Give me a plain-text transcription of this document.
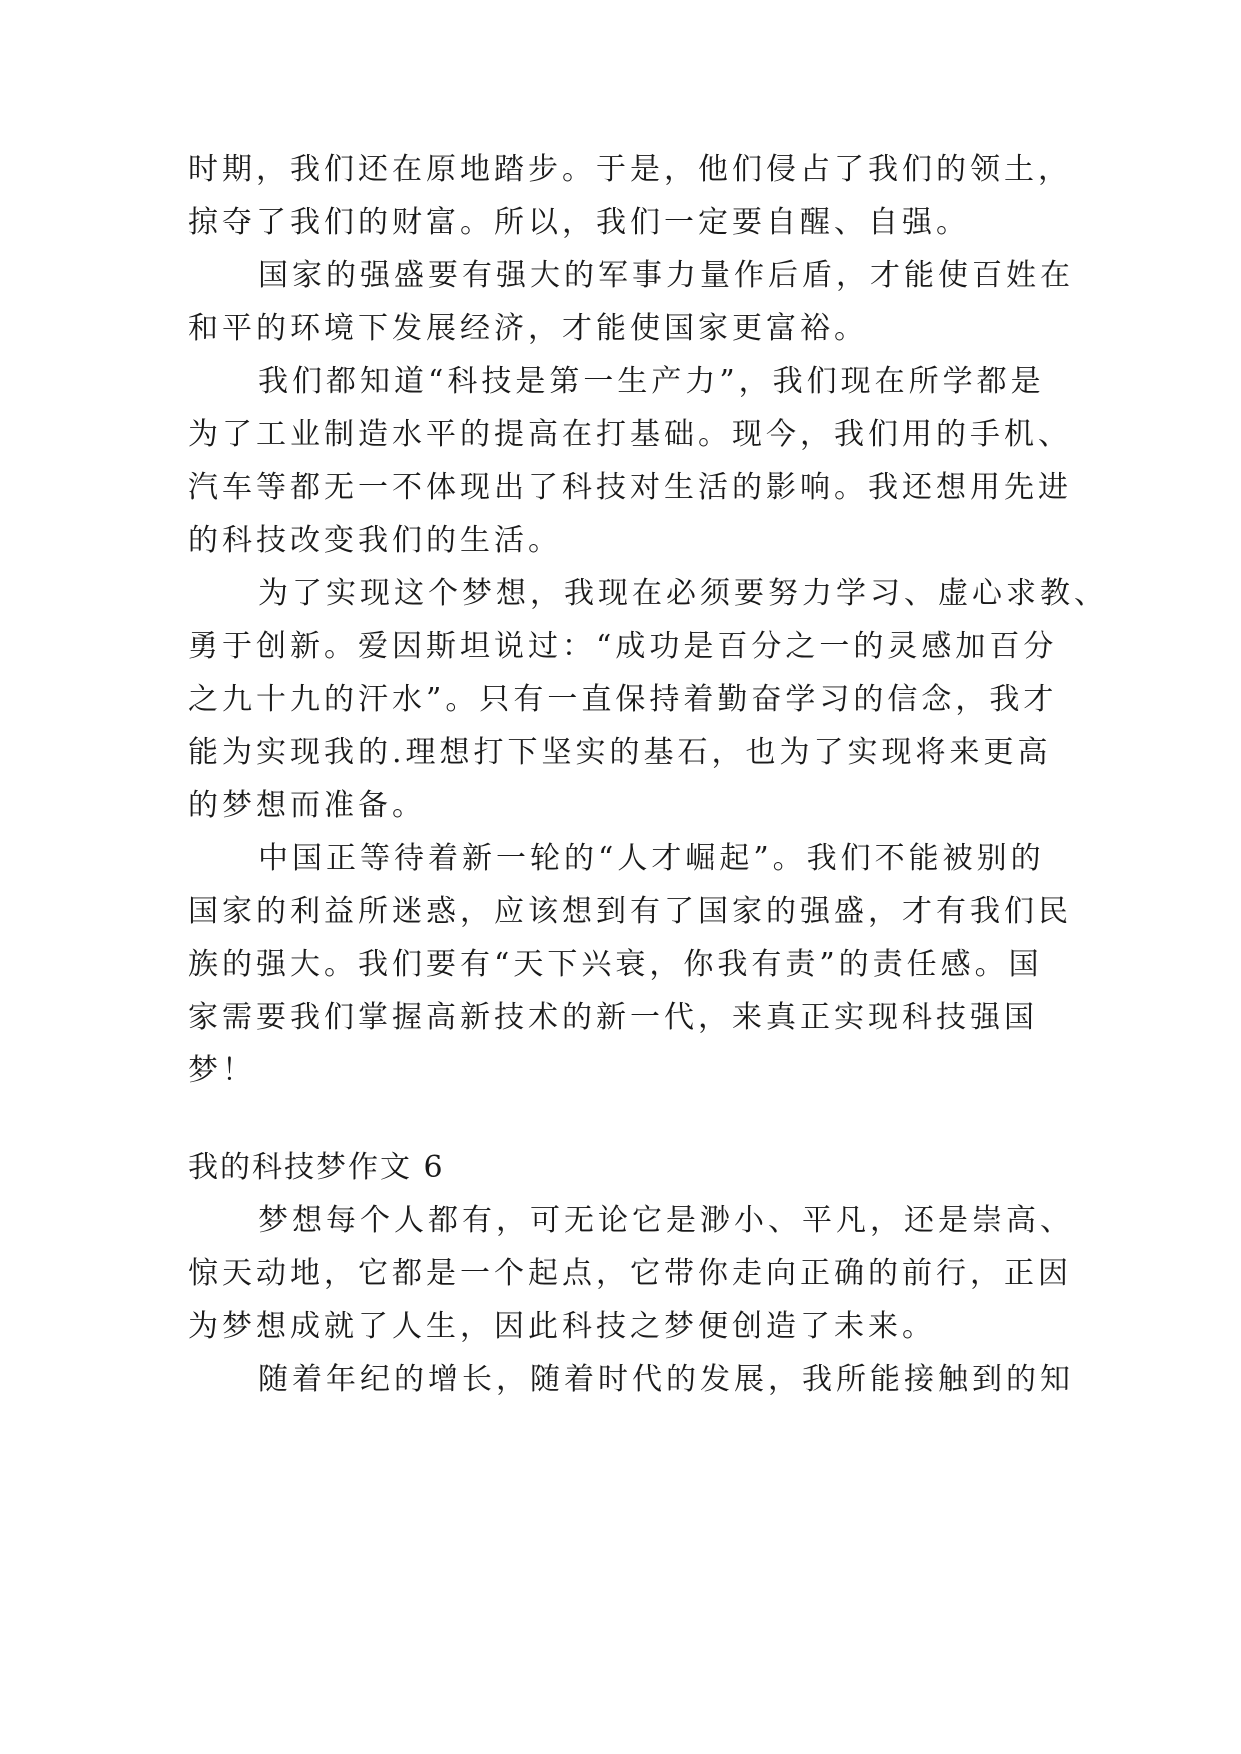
时期，我们还在原地踏步。于是，他们侵占了我们的领土，
掠夺了我们的财富。所以，我们一定要自醒、自强。
国家的强盛要有强大的军事力量作后盾，才能使百姓在
和平的环境下发展经济，才能使国家更富裕。
我们都知道“科技是第一生产力”，我们现在所学都是
为了工业制造水平的提高在打基础。现今，我们用的手机、
汽车等都无一不体现出了科技对生活的影响。我还想用先进
的科技改变我们的生活。
为了实现这个梦想，我现在必须要努力学习、虚心求教、
勇于创新。爱因斯坦说过：“成功是百分之一的灵感加百分
之九十九的汗水”。只有一直保持着勤奋学习的信念，我才
能为实现我的.理想打下坚实的基石，也为了实现将来更高
的梦想而准备。
中国正等待着新一轮的“人才崛起”。我们不能被别的
国家的利益所迷惑，应该想到有了国家的强盛，才有我们民
族的强大。我们要有“天下兴衰，你我有责”的责任感。国
家需要我们掌握高新技术的新一代，来真正实现科技强国
梦！
我的科技梦作文 6
梦想每个人都有，可无论它是渺小、平凡，还是崇高、
惊天动地，它都是一个起点，它带你走向正确的前行，正因
为梦想成就了人生，因此科技之梦便创造了未来。
随着年纪的增长，随着时代的发展，我所能接触到的知
